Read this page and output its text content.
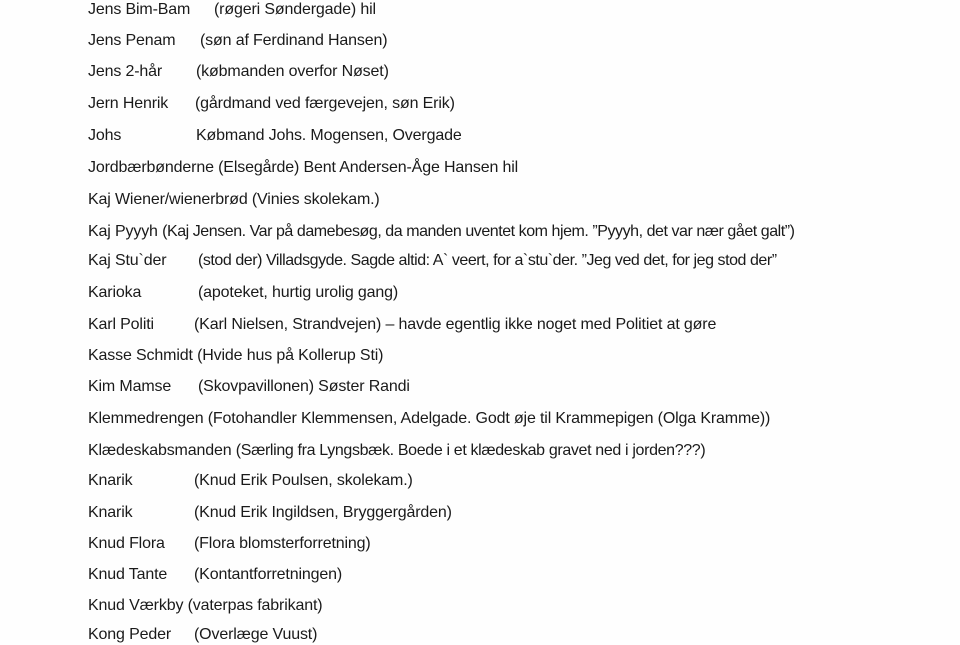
Jens Bim-Bam (røgeri Søndergade) hil
Jens Penam (søn af Ferdinand Hansen)
Jens 2-hår (købmanden overfor Nøset)
Jern Henrik (gårdmand ved færgevejen, søn Erik)
Johs	Købmand Johs. Mogensen, Overgade
Jordbærbønderne (Elsegårde) Bent Andersen-Åge Hansen hil
Kaj Wiener/wienerbrød (Vinies skolekam.)
Kaj Pyyyh (Kaj Jensen. Var på damebesøg, da manden uventet kom hjem. ”Pyyyh, det var nær gået galt”)
Kaj Stu`der (stod der) Villadsgyde. Sagde altid: A` veert, for a`stu`der. ”Jeg ved det, for jeg stod der”
Karioka	(apoteket, hurtig urolig gang)
Karl Politi	(Karl Nielsen, Strandvejen) – havde egentlig ikke noget med Politiet at gøre
Kasse Schmidt (Hvide hus på Kollerup Sti)
Kim Mamse (Skovpavillonen) Søster Randi
Klemmedrengen (Fotohandler Klemmensen, Adelgade. Godt øje til Krammepigen (Olga Kramme))
Klædeskabsmanden (Særling fra Lyngsbæk. Boede i et klædeskab gravet ned i jorden???)
Knarik	(Knud Erik Poulsen, skolekam.)
Knarik	(Knud Erik Ingildsen, Bryggergården)
Knud Flora (Flora blomsterforretning)
Knud Tante (Kontantforretningen)
Knud Værkby (vaterpas fabrikant)
Kong Peder (Overlæge Vuust)
